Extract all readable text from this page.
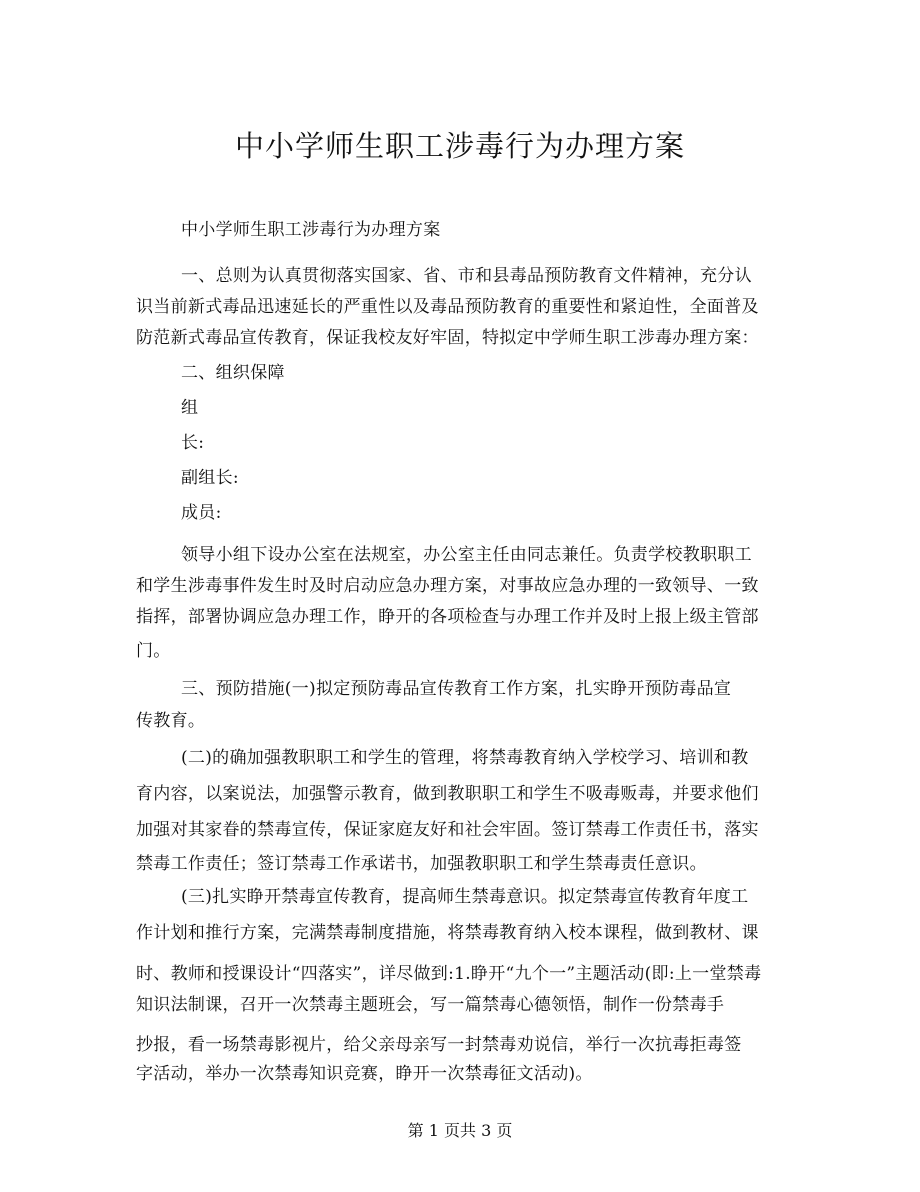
中小学师生职工涉毒行为办理方案
中小学师生职工涉毒行为办理方案
一、总则为认真贯彻落实国家、省、市和县毒品预防教育文件精神，充分认
识当前新式毒品迅速延长的严重性以及毒品预防教育的重要性和紧迫性，全面普及
防范新式毒品宣传教育，保证我校友好牢固，特拟定中学师生职工涉毒办理方案：
二、组织保障
组
长:
副组长:
成员:
领导小组下设办公室在法规室，办公室主任由同志兼任。负责学校教职职工
和学生涉毒事件发生时及时启动应急办理方案，对事故应急办理的一致领导、一致
指挥，部署协调应急办理工作，睁开的各项检查与办理工作并及时上报上级主管部
门。
三、预防措施(一)拟定预防毒品宣传教育工作方案，扎实睁开预防毒品宣
传教育。
(二)的确加强教职职工和学生的管理，将禁毒教育纳入学校学习、培训和教
育内容，以案说法，加强警示教育，做到教职职工和学生不吸毒贩毒，并要求他们
加强对其家眷的禁毒宣传，保证家庭友好和社会牢固。签订禁毒工作责任书，落实
禁毒工作责任；签订禁毒工作承诺书，加强教职职工和学生禁毒责任意识。
(三)扎实睁开禁毒宣传教育，提高师生禁毒意识。拟定禁毒宣传教育年度工
作计划和推行方案，完满禁毒制度措施，将禁毒教育纳入校本课程，做到教材、课
时、教师和授课设计“四落实”，详尽做到:1.睁开“九个一”主题活动(即:上一堂禁毒
知识法制课，召开一次禁毒主题班会，写一篇禁毒心德领悟，制作一份禁毒手
抄报，看一场禁毒影视片，给父亲母亲写一封禁毒劝说信，举行一次抗毒拒毒签
字活动，举办一次禁毒知识竞赛，睁开一次禁毒征文活动)。
第 1 页共 3 页
